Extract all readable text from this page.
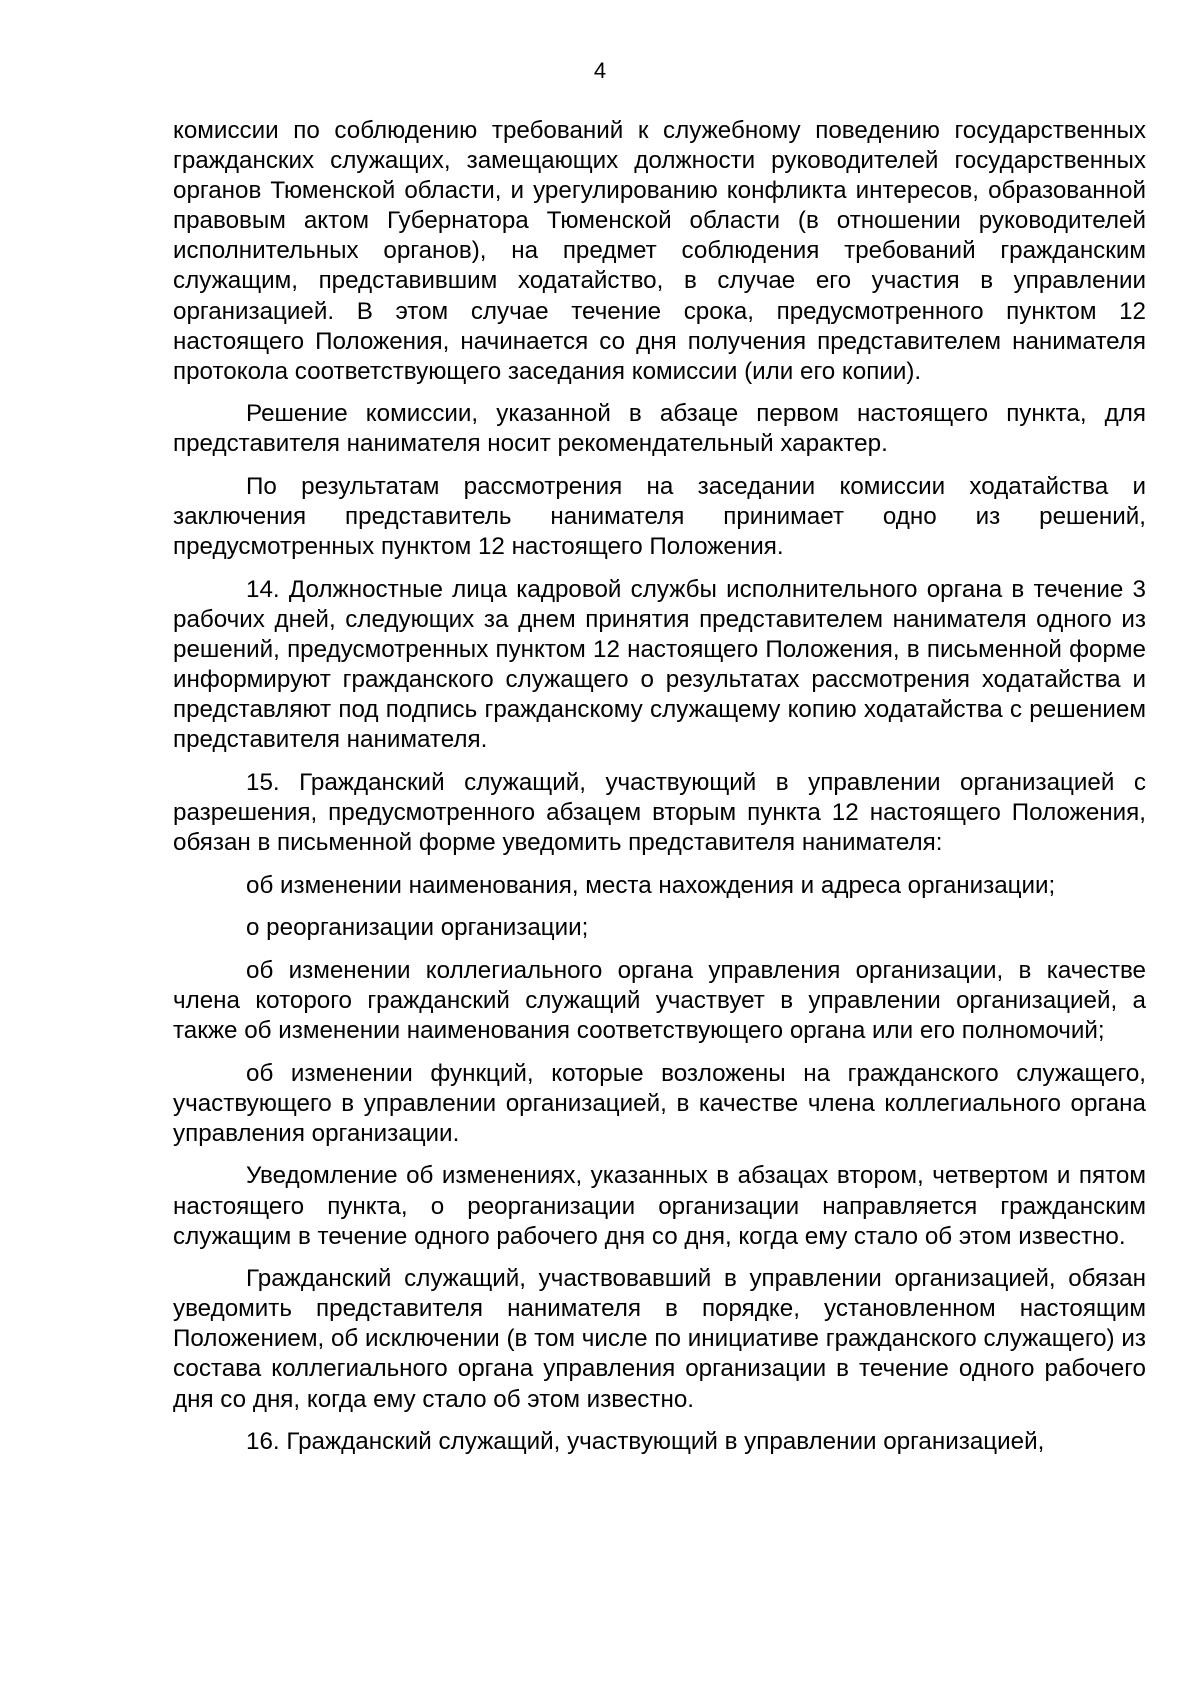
4

комиссии по соблюдению требований к служебному поведению государственных гражданских служащих, замещающих должности руководителей государственных органов Тюменской области, и урегулированию конфликта интересов, образованной правовым актом Губернатора Тюменской области (в отношении руководителей исполнительных органов), на предмет соблюдения требований гражданским служащим, представившим ходатайство, в случае его участия в управлении организацией. В этом случае течение срока, предусмотренного пунктом 12 настоящего Положения, начинается со дня получения представителем нанимателя протокола соответствующего заседания комиссии (или его копии).

Решение комиссии, указанной в абзаце первом настоящего пункта, для представителя нанимателя носит рекомендательный характер.

По результатам рассмотрения на заседании комиссии ходатайства и заключения представитель нанимателя принимает одно из решений, предусмотренных пунктом 12 настоящего Положения.

14. Должностные лица кадровой службы исполнительного органа в течение 3 рабочих дней, следующих за днем принятия представителем нанимателя одного из решений, предусмотренных пунктом 12 настоящего Положения, в письменной форме информируют гражданского служащего о результатах рассмотрения ходатайства и представляют под подпись гражданскому служащему копию ходатайства с решением представителя нанимателя.

15. Гражданский служащий, участвующий в управлении организацией с разрешения, предусмотренного абзацем вторым пункта 12 настоящего Положения, обязан в письменной форме уведомить представителя нанимателя:

об изменении наименования, места нахождения и адреса организации;

о реорганизации организации;

об изменении коллегиального органа управления организации, в качестве члена которого гражданский служащий участвует в управлении организацией, а также об изменении наименования соответствующего органа или его полномочий;

об изменении функций, которые возложены на гражданского служащего, участвующего в управлении организацией, в качестве члена коллегиального органа управления организации.

Уведомление об изменениях, указанных в абзацах втором, четвертом и пятом настоящего пункта, о реорганизации организации направляется гражданским служащим в течение одного рабочего дня со дня, когда ему стало об этом известно.

Гражданский служащий, участвовавший в управлении организацией, обязан уведомить представителя нанимателя в порядке, установленном настоящим Положением, об исключении (в том числе по инициативе гражданского служащего) из состава коллегиального органа управления организации в течение одного рабочего дня со дня, когда ему стало об этом известно.

16. Гражданский служащий, участвующий в управлении организацией,
